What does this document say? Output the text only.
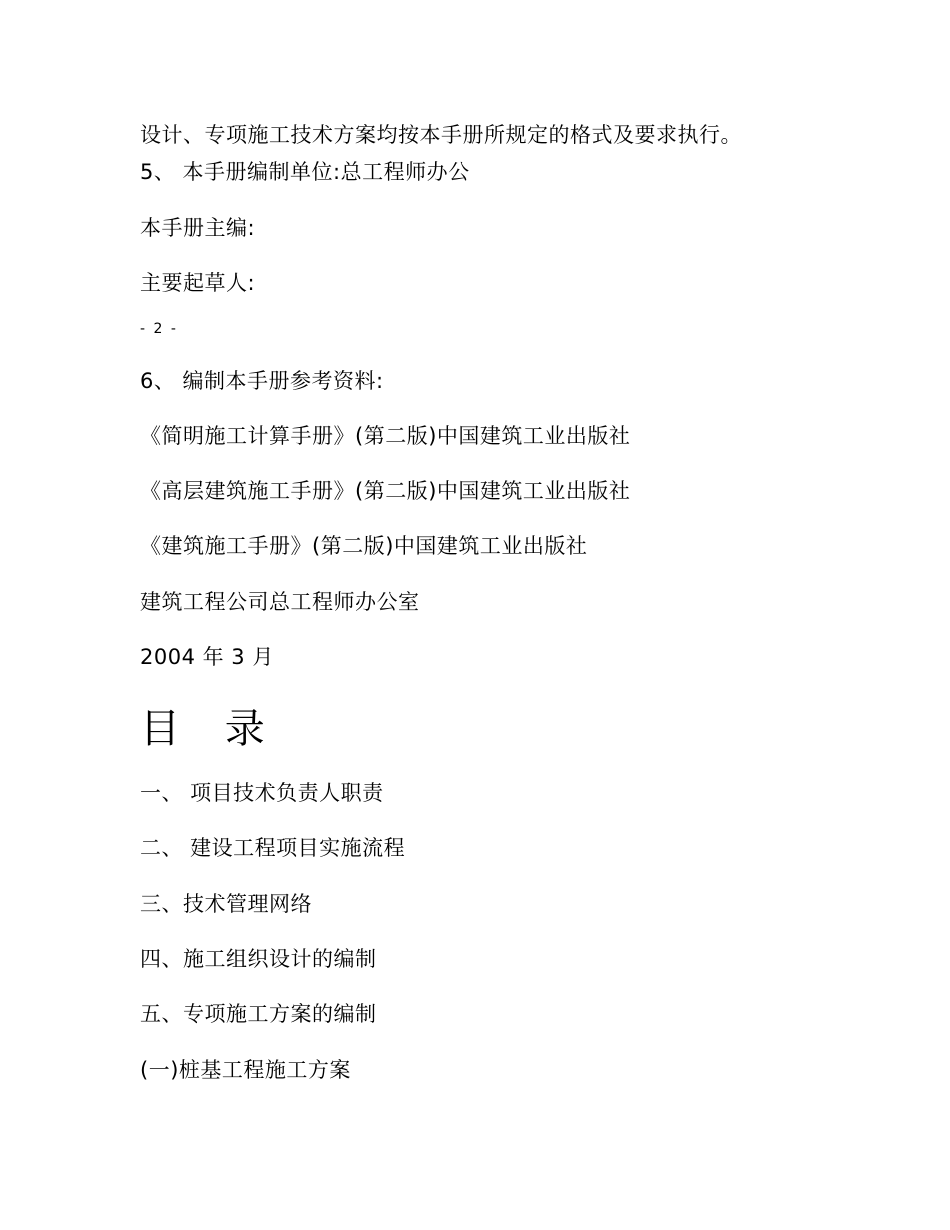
设计、专项施工技术方案均按本手册所规定的格式及要求执行。
5、 本手册编制单位:总工程师办公
本手册主编:
主要起草人:
- 2 -
6、 编制本手册参考资料:
《简明施工计算手册》(第二版)中国建筑工业出版社
《高层建筑施工手册》(第二版)中国建筑工业出版社
《建筑施工手册》(第二版)中国建筑工业出版社
建筑工程公司总工程师办公室
2004 年 3 月
目 录
一、 项目技术负责人职责
二、 建设工程项目实施流程
三、技术管理网络
四、施工组织设计的编制
五、专项施工方案的编制
(一)桩基工程施工方案
